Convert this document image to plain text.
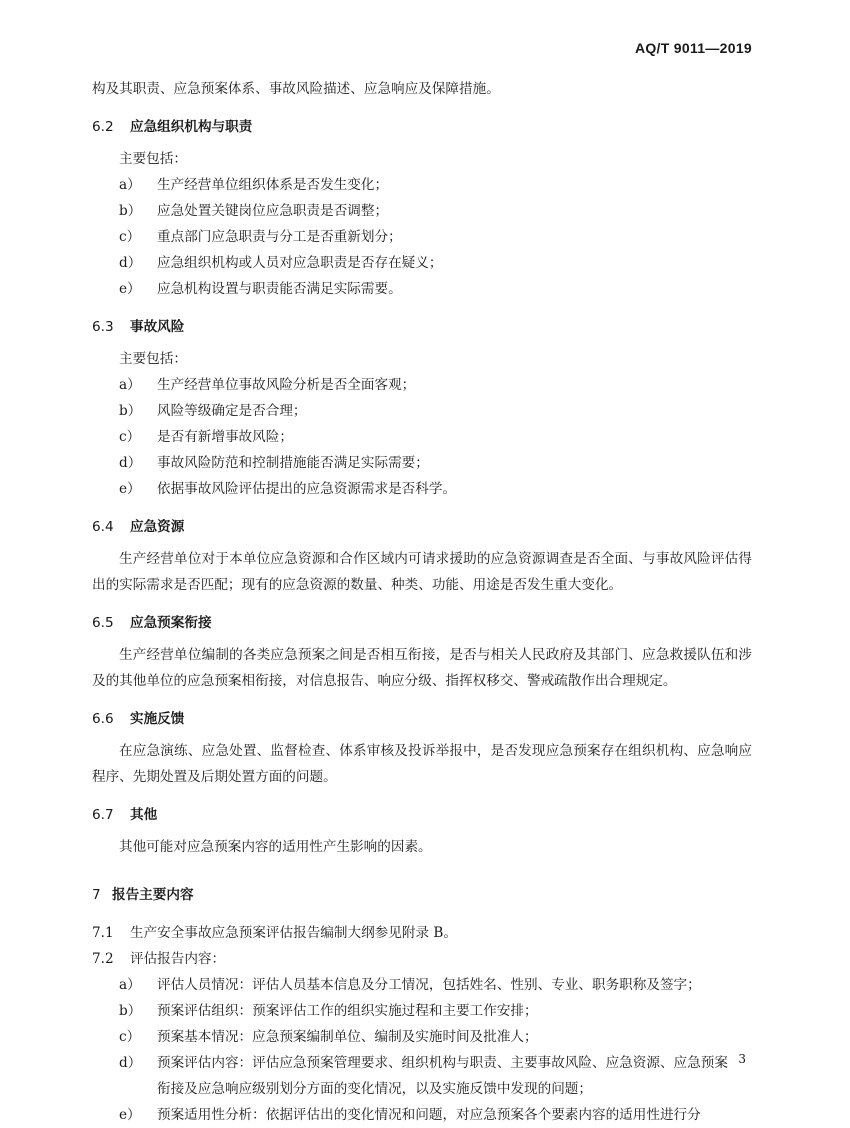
AQ/T 9011—2019
构及其职责、应急预案体系、事故风险描述、应急响应及保障措施。
6.2 应急组织机构与职责
主要包括：
a）	生产经营单位组织体系是否发生变化；
b）	应急处置关键岗位应急职责是否调整；
c）	重点部门应急职责与分工是否重新划分；
d）	应急组织机构或人员对应急职责是否存在疑义；
e）	应急机构设置与职责能否满足实际需要。
6.3 事故风险
主要包括：
a）	生产经营单位事故风险分析是否全面客观；
b）	风险等级确定是否合理；
c）	是否有新增事故风险；
d）	事故风险防范和控制措施能否满足实际需要；
e）	依据事故风险评估提出的应急资源需求是否科学。
6.4 应急资源
生产经营单位对于本单位应急资源和合作区域内可请求援助的应急资源调查是否全面、与事故风险评估得出的实际需求是否匹配；现有的应急资源的数量、种类、功能、用途是否发生重大变化。
6.5 应急预案衔接
生产经营单位编制的各类应急预案之间是否相互衔接，是否与相关人民政府及其部门、应急救援队伍和涉及的其他单位的应急预案相衔接，对信息报告、响应分级、指挥权移交、警戒疏散作出合理规定。
6.6 实施反馈
在应急演练、应急处置、监督检查、体系审核及投诉举报中，是否发现应急预案存在组织机构、应急响应程序、先期处置及后期处置方面的问题。
6.7 其他
其他可能对应急预案内容的适用性产生影响的因素。
7 报告主要内容
7.1 生产安全事故应急预案评估报告编制大纲参见附录 B。
7.2 评估报告内容：
a）	评估人员情况：评估人员基本信息及分工情况，包括姓名、性别、专业、职务职称及签字；
b）	预案评估组织：预案评估工作的组织实施过程和主要工作安排；
c）	预案基本情况：应急预案编制单位、编制及实施时间及批准人；
d）	预案评估内容：评估应急预案管理要求、组织机构与职责、主要事故风险、应急资源、应急预案
衔接及应急响应级别划分方面的变化情况，以及实施反馈中发现的问题；
e）	预案适用性分析：依据评估出的变化情况和问题，对应急预案各个要素内容的适用性进行分
3
